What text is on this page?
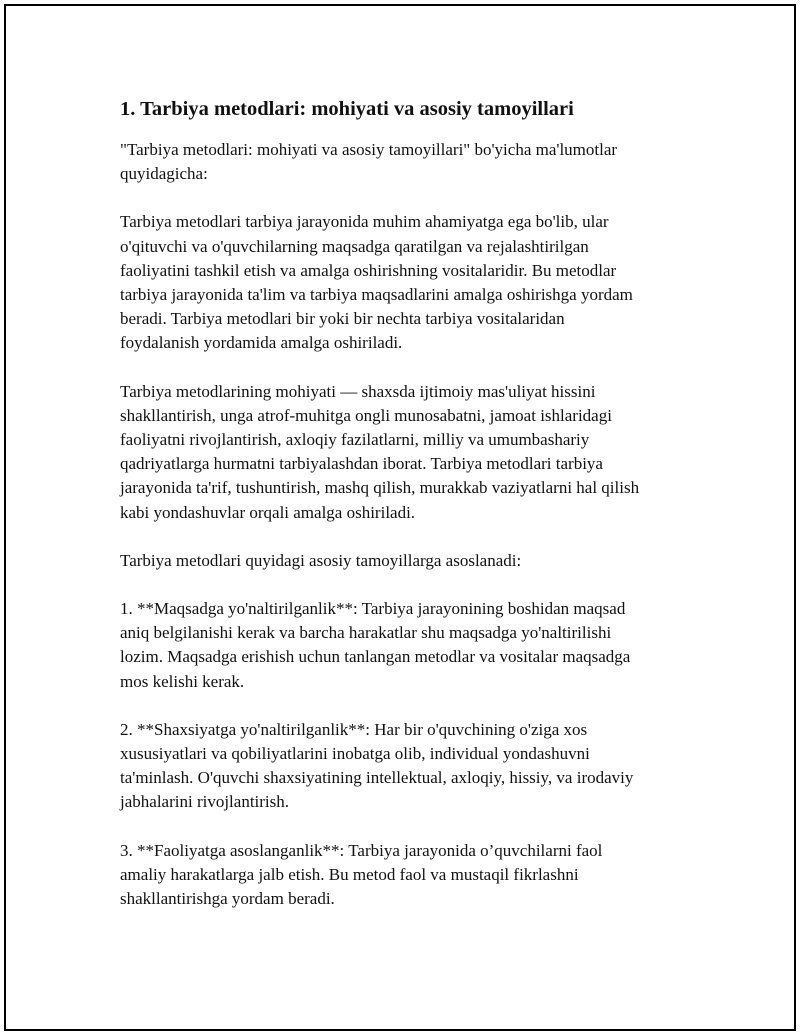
1. Tarbiya metodlari: mohiyati va asosiy tamoyillari

"Tarbiya metodlari: mohiyati va asosiy tamoyillari" bo'yicha ma'lumotlar
quyidagicha:

Tarbiya metodlari tarbiya jarayonida muhim ahamiyatga ega bo'lib, ular
o'qituvchi va o'quvchilarning maqsadga qaratilgan va rejalashtirilgan
faoliyatini tashkil etish va amalga oshirishning vositalaridir. Bu metodlar
tarbiya jarayonida ta'lim va tarbiya maqsadlarini amalga oshirishga yordam
beradi. Tarbiya metodlari bir yoki bir nechta tarbiya vositalaridan
foydalanish yordamida amalga oshiriladi.

Tarbiya metodlarining mohiyati — shaxsda ijtimoiy mas'uliyat hissini
shakllantirish, unga atrof-muhitga ongli munosabatni, jamoat ishlaridagi
faoliyatni rivojlantirish, axloqiy fazilatlarni, milliy va umumbashariy
qadriyatlarga hurmatni tarbiyalashdan iborat. Tarbiya metodlari tarbiya
jarayonida ta'rif, tushuntirish, mashq qilish, murakkab vaziyatlarni hal qilish
kabi yondashuvlar orqali amalga oshiriladi.

Tarbiya metodlari quyidagi asosiy tamoyillarga asoslanadi:

1. **Maqsadga yo'naltirilganlik**: Tarbiya jarayonining boshidan maqsad
aniq belgilanishi kerak va barcha harakatlar shu maqsadga yo'naltirilishi
lozim. Maqsadga erishish uchun tanlangan metodlar va vositalar maqsadga
mos kelishi kerak.

2. **Shaxsiyatga yo'naltirilganlik**: Har bir o'quvchining o'ziga xos
xususiyatlari va qobiliyatlarini inobatga olib, individual yondashuvni
ta'minlash. O'quvchi shaxsiyatining intellektual, axloqiy, hissiy, va irodaviy
jabhalarini rivojlantirish.

3. **Faoliyatga asoslanganlik**: Tarbiya jarayonida o’quvchilarni faol
amaliy harakatlarga jalb etish. Bu metod faol va mustaqil fikrlashni
shakllantirishga yordam beradi.
